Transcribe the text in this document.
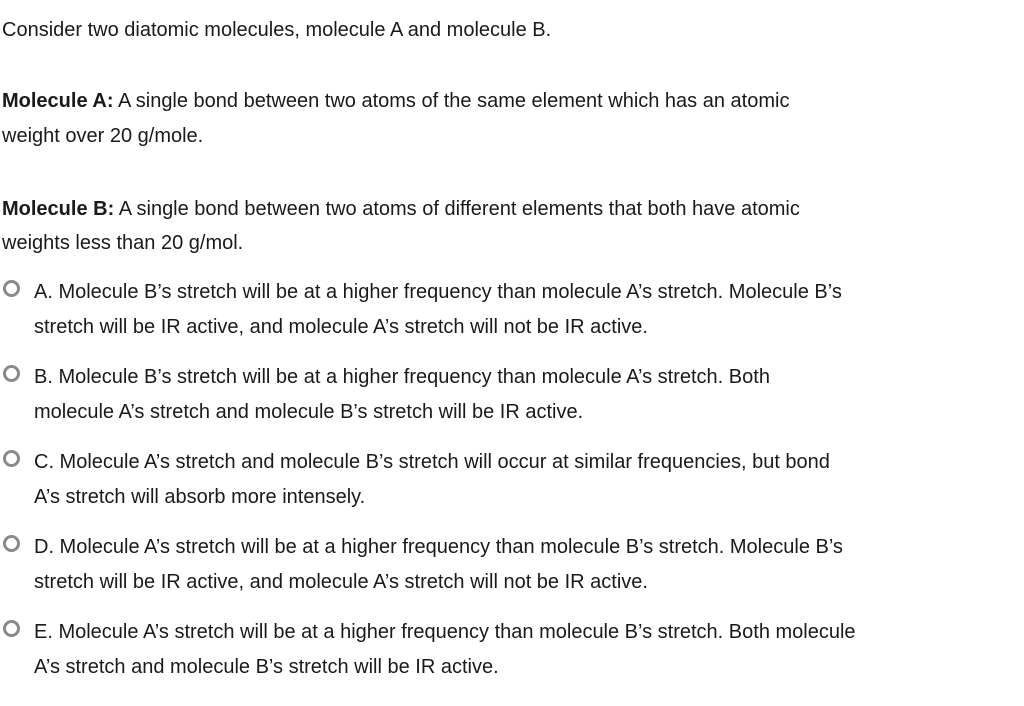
Consider two diatomic molecules, molecule A and molecule B.

Molecule A: A single bond between two atoms of the same element which has an atomic

weight over 20 g/mole.

Molecule B: A single bond between two atoms of different elements that both have atomic

weights less than 20 g/mol.

A. Molecule B’s stretch will be at a higher frequency than molecule A’s stretch. Molecule B’s
stretch will be IR active, and molecule A’s stretch will not be IR active.
B. Molecule B’s stretch will be at a higher frequency than molecule A’s stretch. Both
molecule A’s stretch and molecule B’s stretch will be IR active.
C. Molecule A’s stretch and molecule B’s stretch will occur at similar frequencies, but bond
A’s stretch will absorb more intensely.
D. Molecule A’s stretch will be at a higher frequency than molecule B’s stretch. Molecule B’s
stretch will be IR active, and molecule A’s stretch will not be IR active.
E. Molecule A’s stretch will be at a higher frequency than molecule B’s stretch. Both molecule
A’s stretch and molecule B’s stretch will be IR active.
